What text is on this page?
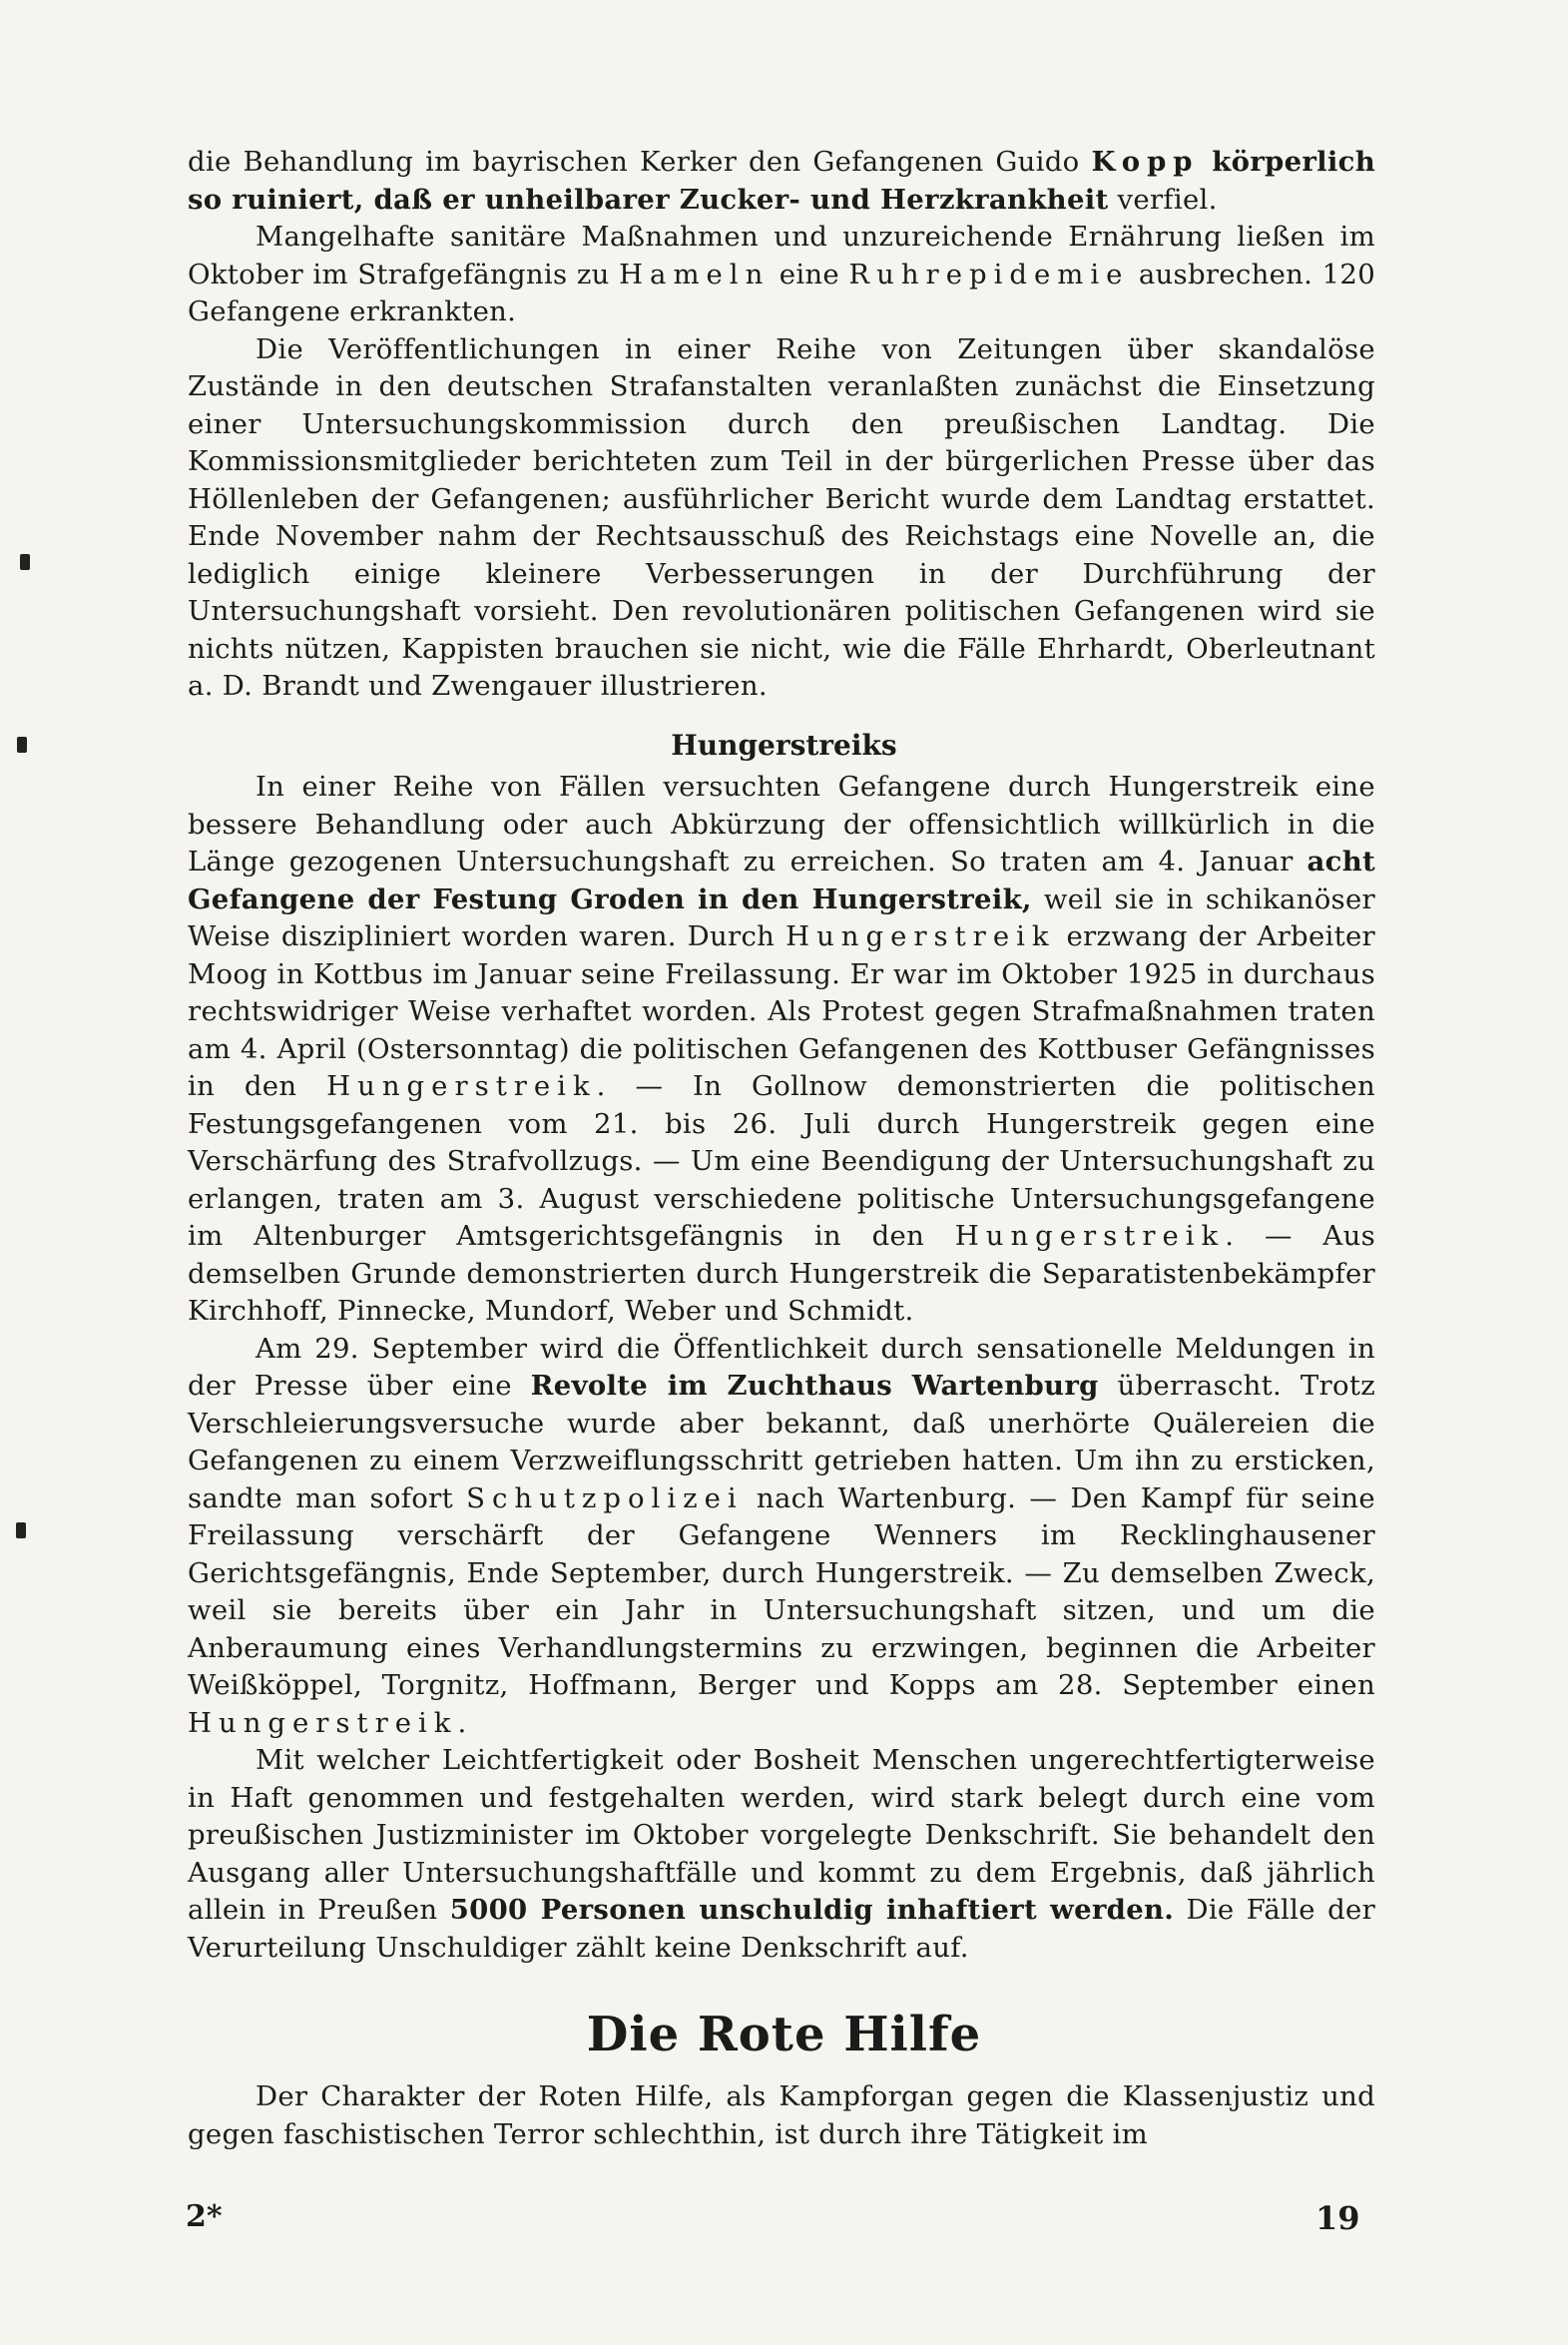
die Behandlung im bayrischen Kerker den Gefangenen Guido Kopp körperlich so ruiniert, daß er unheilbarer Zucker- und Herzkrankheit verfiel.

Mangelhafte sanitäre Maßnahmen und unzureichende Ernährung ließen im Oktober im Strafgefängnis zu Hameln eine Ruhrepidemie ausbrechen. 120 Gefangene erkrankten.

Die Veröffentlichungen in einer Reihe von Zeitungen über skandalöse Zustände in den deutschen Strafanstalten veranlaßten zunächst die Einsetzung einer Untersuchungskommission durch den preußischen Landtag. Die Kommissionsmitglieder berichteten zum Teil in der bürgerlichen Presse über das Höllenleben der Gefangenen; ausführlicher Bericht wurde dem Landtag erstattet. Ende November nahm der Rechtsausschuß des Reichstags eine Novelle an, die lediglich einige kleinere Verbesserungen in der Durchführung der Untersuchungshaft vorsieht. Den revolutionären politischen Gefangenen wird sie nichts nützen, Kappisten brauchen sie nicht, wie die Fälle Ehrhardt, Oberleutnant a. D. Brandt und Zwengauer illustrieren.

Hungerstreiks

In einer Reihe von Fällen versuchten Gefangene durch Hungerstreik eine bessere Behandlung oder auch Abkürzung der offensichtlich willkürlich in die Länge gezogenen Untersuchungshaft zu erreichen. So traten am 4. Januar acht Gefangene der Festung Groden in den Hungerstreik, weil sie in schikanöser Weise diszipliniert worden waren. Durch Hungerstreik erzwang der Arbeiter Moog in Kottbus im Januar seine Freilassung. Er war im Oktober 1925 in durchaus rechtswidriger Weise verhaftet worden. Als Protest gegen Strafmaßnahmen traten am 4. April (Ostersonntag) die politischen Gefangenen des Kottbuser Gefängnisses in den Hungerstreik. — In Gollnow demonstrierten die politischen Festungsgefangenen vom 21. bis 26. Juli durch Hungerstreik gegen eine Verschärfung des Strafvollzugs. — Um eine Beendigung der Untersuchungshaft zu erlangen, traten am 3. August verschiedene politische Untersuchungsgefangene im Altenburger Amtsgerichtsgefängnis in den Hungerstreik. — Aus demselben Grunde demonstrierten durch Hungerstreik die Separatistenbekämpfer Kirchhoff, Pinnecke, Mundorf, Weber und Schmidt.

Am 29. September wird die Öffentlichkeit durch sensationelle Meldungen in der Presse über eine Revolte im Zuchthaus Wartenburg überrascht. Trotz Verschleierungsversuche wurde aber bekannt, daß unerhörte Quälereien die Gefangenen zu einem Verzweiflungsschritt getrieben hatten. Um ihn zu ersticken, sandte man sofort Schutzpolizei nach Wartenburg. — Den Kampf für seine Freilassung verschärft der Gefangene Wenners im Recklinghausener Gerichtsgefängnis, Ende September, durch Hungerstreik. — Zu demselben Zweck, weil sie bereits über ein Jahr in Untersuchungshaft sitzen, und um die Anberaumung eines Verhandlungstermins zu erzwingen, beginnen die Arbeiter Weißköppel, Torgnitz, Hoffmann, Berger und Kopps am 28. September einen Hungerstreik.

Mit welcher Leichtfertigkeit oder Bosheit Menschen ungerechtfertigterweise in Haft genommen und festgehalten werden, wird stark belegt durch eine vom preußischen Justizminister im Oktober vorgelegte Denkschrift. Sie behandelt den Ausgang aller Untersuchungshaftfälle und kommt zu dem Ergebnis, daß jährlich allein in Preußen 5000 Personen unschuldig inhaftiert werden. Die Fälle der Verurteilung Unschuldiger zählt keine Denkschrift auf.

Die Rote Hilfe

Der Charakter der Roten Hilfe, als Kampforgan gegen die Klassenjustiz und gegen faschistischen Terror schlechthin, ist durch ihre Tätigkeit im

2*	19
